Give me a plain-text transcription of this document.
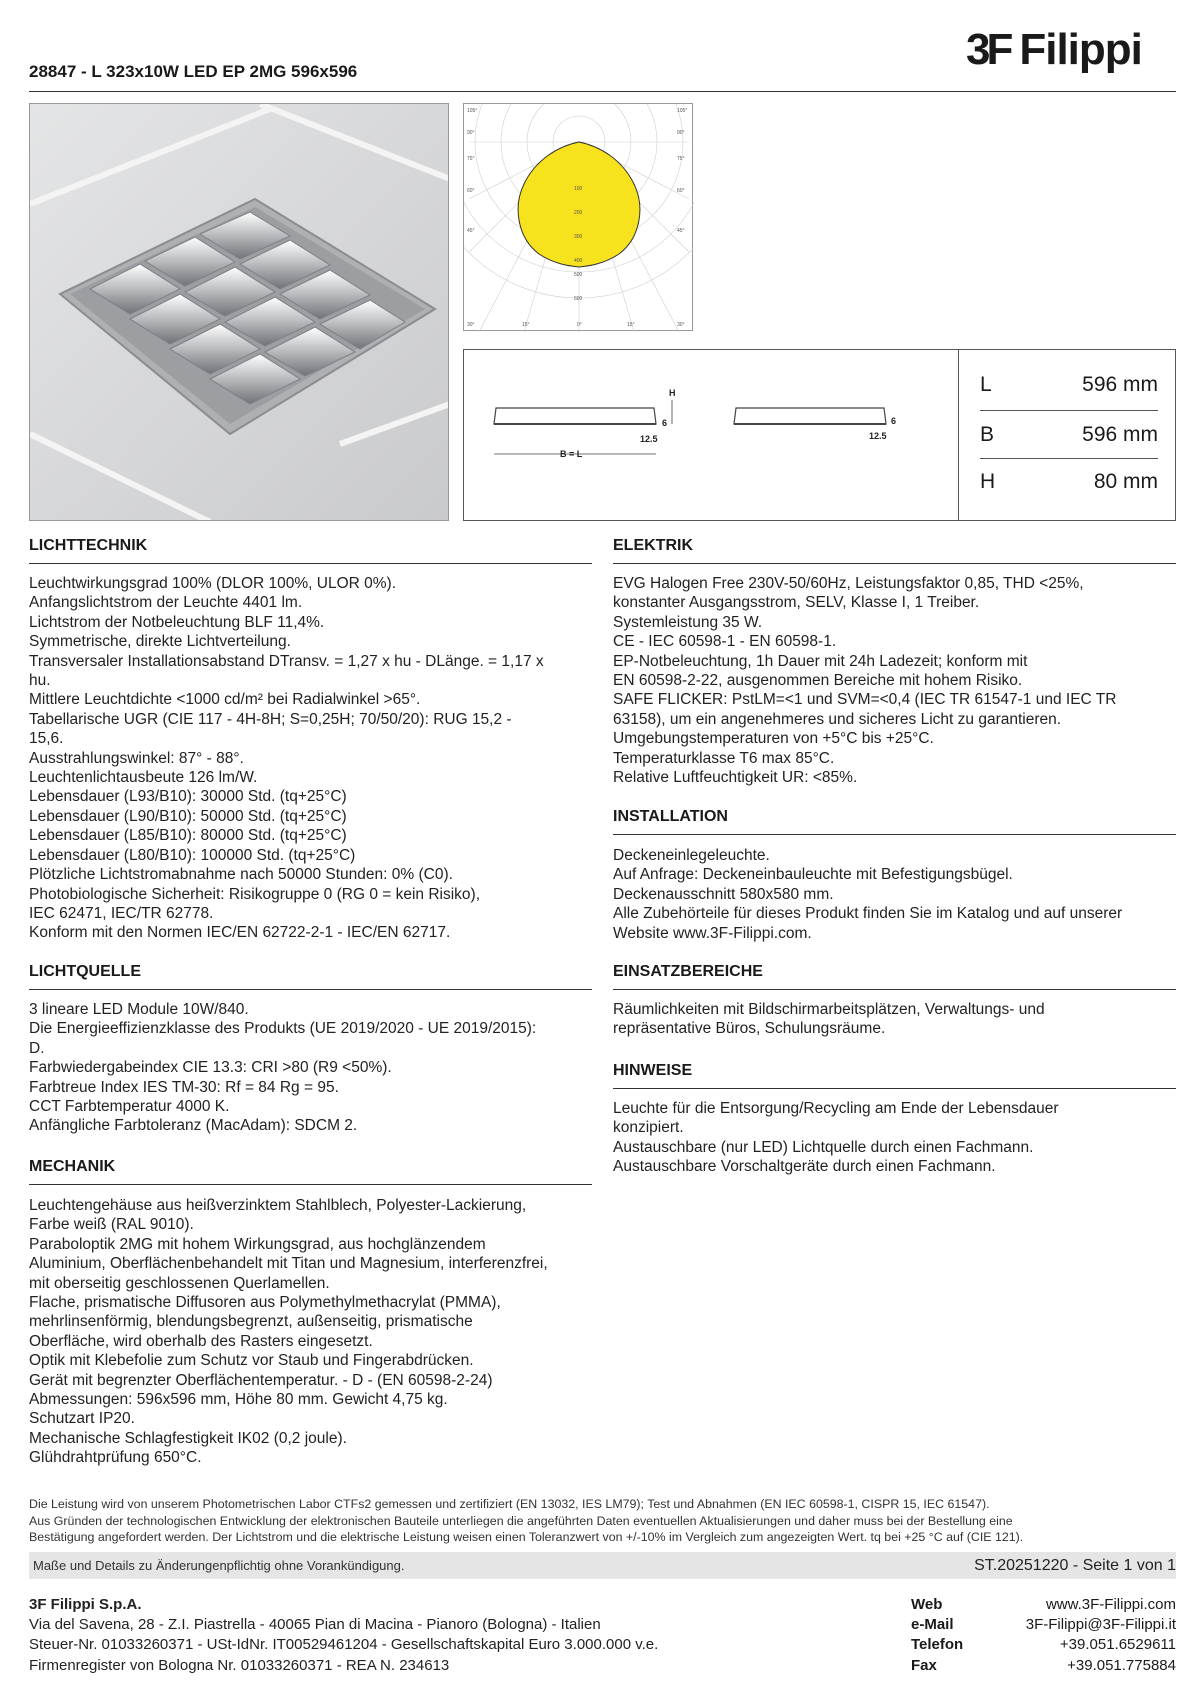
28847 - L 323x10W LED EP 2MG 596x596	3F Filippi
105°
90°
75°
60°
45°
105°
90°
75°
60°
45°
30°	15°	0°	15°	30°
100
200
300
400
500
600
H
6	6
12.5	12.5
B = L
L	596 mm
B	596 mm
H	80 mm
LICHTTECHNIK
Leuchtwirkungsgrad 100% (DLOR 100%, ULOR 0%).
Anfangslichtstrom der Leuchte 4401 lm.
Lichtstrom der Notbeleuchtung BLF 11,4%.
Symmetrische, direkte Lichtverteilung.
Transversaler Installationsabstand DTransv. = 1,27 x hu - DLänge. = 1,17 x
hu.
Mittlere Leuchtdichte <1000 cd/m² bei Radialwinkel >65°.
Tabellarische UGR (CIE 117 - 4H-8H; S=0,25H; 70/50/20): RUG 15,2 -
15,6.
Ausstrahlungswinkel: 87° - 88°.
Leuchtenlichtausbeute 126 lm/W.
Lebensdauer (L93/B10): 30000 Std. (tq+25°C)
Lebensdauer (L90/B10): 50000 Std. (tq+25°C)
Lebensdauer (L85/B10): 80000 Std. (tq+25°C)
Lebensdauer (L80/B10): 100000 Std. (tq+25°C)
Plötzliche Lichtstromabnahme nach 50000 Stunden: 0% (C0).
Photobiologische Sicherheit: Risikogruppe 0 (RG 0 = kein Risiko),
IEC 62471, IEC/TR 62778.
Konform mit den Normen IEC/EN 62722-2-1 - IEC/EN 62717.
LICHTQUELLE
3 lineare LED Module 10W/840.
Die Energieeffizienzklasse des Produkts (UE 2019/2020 - UE 2019/2015):
D.
Farbwiedergabeindex CIE 13.3: CRI >80 (R9 <50%).
Farbtreue Index IES TM-30: Rf = 84 Rg = 95.
CCT Farbtemperatur 4000 K.
Anfängliche Farbtoleranz (MacAdam): SDCM 2.
MECHANIK
Leuchtengehäuse aus heißverzinktem Stahlblech, Polyester-Lackierung,
Farbe weiß (RAL 9010).
Paraboloptik 2MG mit hohem Wirkungsgrad, aus hochglänzendem
Aluminium, Oberflächenbehandelt mit Titan und Magnesium, interferenzfrei,
mit oberseitig geschlossenen Querlamellen.
Flache, prismatische Diffusoren aus Polymethylmethacrylat (PMMA),
mehrlinsenförmig, blendungsbegrenzt, außenseitig, prismatische
Oberfläche, wird oberhalb des Rasters eingesetzt.
Optik mit Klebefolie zum Schutz vor Staub und Fingerabdrücken.
Gerät mit begrenzter Oberflächentemperatur. - D - (EN 60598-2-24)
Abmessungen: 596x596 mm, Höhe 80 mm. Gewicht 4,75 kg.
Schutzart IP20.
Mechanische Schlagfestigkeit IK02 (0,2 joule).
Glühdrahtprüfung 650°C.
ELEKTRIK
EVG Halogen Free 230V-50/60Hz, Leistungsfaktor 0,85, THD <25%,
konstanter Ausgangsstrom, SELV, Klasse I, 1 Treiber.
Systemleistung 35 W.
CE - IEC 60598-1 - EN 60598-1.
EP-Notbeleuchtung, 1h Dauer mit 24h Ladezeit; konform mit
EN 60598-2-22, ausgenommen Bereiche mit hohem Risiko.
SAFE FLICKER: PstLM=<1 und SVM=<0,4 (IEC TR 61547-1 und IEC TR
63158), um ein angenehmeres und sicheres Licht zu garantieren.
Umgebungstemperaturen von +5°C bis +25°C.
Temperaturklasse T6 max 85°C.
Relative Luftfeuchtigkeit UR: <85%.
INSTALLATION
Deckeneinlegeleuchte.
Auf Anfrage: Deckeneinbauleuchte mit Befestigungsbügel.
Deckenausschnitt 580x580 mm.
Alle Zubehörteile für dieses Produkt finden Sie im Katalog und auf unserer
Website www.3F-Filippi.com.
EINSATZBEREICHE
Räumlichkeiten mit Bildschirmarbeitsplätzen, Verwaltungs- und
repräsentative Büros, Schulungsräume.
HINWEISE
Leuchte für die Entsorgung/Recycling am Ende der Lebensdauer
konzipiert.
Austauschbare (nur LED) Lichtquelle durch einen Fachmann.
Austauschbare Vorschaltgeräte durch einen Fachmann.
Die Leistung wird von unserem Photometrischen Labor CTFs2 gemessen und zertifiziert (EN 13032, IES LM79); Test und Abnahmen (EN IEC 60598-1, CISPR 15, IEC 61547).
Aus Gründen der technologischen Entwicklung der elektronischen Bauteile unterliegen die angeführten Daten eventuellen Aktualisierungen und daher muss bei der Bestellung eine
Bestätigung angefordert werden. Der Lichtstrom und die elektrische Leistung weisen einen Toleranzwert von +/-10% im Vergleich zum angezeigten Wert. tq bei +25 °C auf (CIE 121).
Maße und Details zu Änderungenpflichtig ohne Vorankündigung.	ST.20251220 - Seite 1 von 1
3F Filippi S.p.A.
Via del Savena, 28 - Z.I. Piastrella - 40065 Pian di Macina - Pianoro (Bologna) - Italien
Steuer-Nr. 01033260371 - USt-IdNr. IT00529461204 - Gesellschaftskapital Euro 3.000.000 v.e.
Firmenregister von Bologna Nr. 01033260371 - REA N. 234613
Web	www.3F-Filippi.com
e-Mail	3F-Filippi@3F-Filippi.it
Telefon	+39.051.6529611
Fax	+39.051.775884
